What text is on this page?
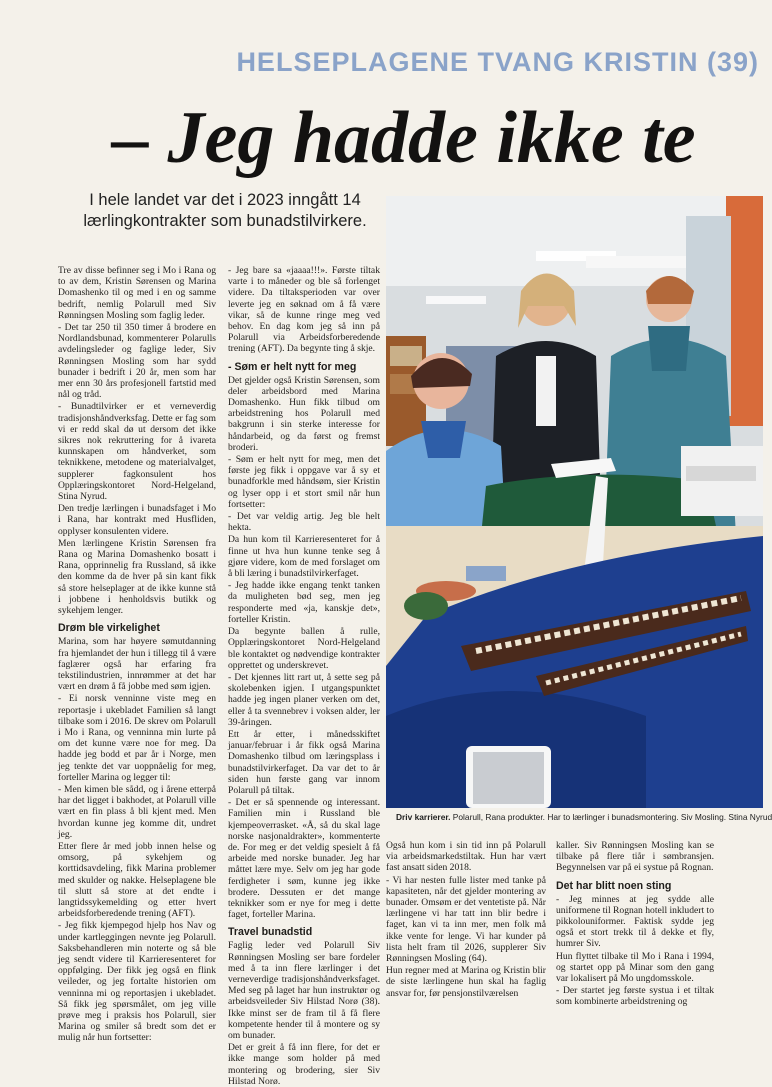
HELSEPLAGENE TVANG KRISTIN (39)
– Jeg hadde ikke te
I hele landet var det i 2023 inngått 14 lærlingkontrakter som bunadstilvirkere.

Tre av disse befinner seg i Mo i Rana og to av dem, Kristin Sørensen og Marina Domashenko til og med i en og samme bedrift, nemlig Polarull med Siv Rønningsen Mosling som faglig leder.

- Det tar 250 til 350 timer å brodere en Nordlandsbunad, kommenterer Polarulls avdelingsleder og faglige leder, Siv Rønningsen Mosling som har sydd bunader i bedrift i 20 år, men som har mer enn 30 års profesjonell fartstid med nål og tråd.

- Bunadtilvirker er et verneverdig tradisjonshåndverksfag. Dette er fag som vi er redd skal dø ut dersom det ikke sikres nok rekruttering for å ivareta kunnskapen om håndverket, som teknikkene, metodene og materialvalget, supplerer fagkonsulent hos Opplæringskontoret Nord-Helgeland, Stina Nyrud.

Den tredje lærlingen i bunadsfaget i Mo i Rana, har kontrakt med Husfliden, opplyser konsulenten videre.

Men lærlingene Kristin Sørensen fra Rana og Marina Domashenko bosatt i Rana, opprinnelig fra Russland, så ikke den komme da de hver på sin kant fikk så store helseplager at de ikke kunne stå i jobbene i henholdsvis butikk og sykehjem lenger.

Drøm ble virkelighet

Marina, som har høyere sømutdanning fra hjemlandet der hun i tillegg til å være faglærer også har erfaring fra tekstilindustrien, innrømmer at det har vært en drøm å få jobbe med søm igjen.

- Ei norsk venninne viste meg en reportasje i ukebladet Familien så langt tilbake som i 2016. De skrev om Polarull i Mo i Rana, og venninna min lurte på om det kunne være noe for meg. Da hadde jeg bodd et par år i Norge, men jeg tenkte det var uoppnåelig for meg, forteller Marina og legger til:

- Men kimen ble sådd, og i årene etterpå har det ligget i bakhodet, at Polarull ville vært en fin plass å bli kjent med. Men hvordan kunne jeg komme dit, undret jeg.

Etter flere år med jobb innen helse og omsorg, på sykehjem og korttidsavdeling, fikk Marina problemer med skulder og nakke. Helseplagene ble til slutt så store at det endte i langtidssykemelding og etter hvert arbeidsforberedende trening (AFT).

- Jeg fikk kjempegod hjelp hos Nav og under kartleggingen nevnte jeg Polarull. Saksbehandleren min noterte og så ble jeg sendt videre til Karrieresenteret for oppfølging. Der fikk jeg også en flink veileder, og jeg fortalte historien om venninna mi og reportasjen i ukebladet. Så fikk jeg spørsmålet, om jeg ville prøve meg i praksis hos Polarull, sier Marina og smiler så bredt som det er mulig når hun fortsetter:

- Jeg bare sa «jaaaa!!!». Første tiltak varte i to måneder og ble så forlenget videre. Da tiltaksperioden var over leverte jeg en søknad om å få være vikar, så de kunne ringe meg ved behov. En dag kom jeg så inn på Polarull via Arbeidsforberedende trening (AFT). Da begynte ting å skje.

- Søm er helt nytt for meg

Det gjelder også Kristin Sørensen, som deler arbeidsbord med Marina Domashenko. Hun fikk tilbud om arbeidstrening hos Polarull med bakgrunn i sin sterke interesse for håndarbeid, og da først og fremst broderi.

- Søm er helt nytt for meg, men det første jeg fikk i oppgave var å sy et bunadforkle med håndsøm, sier Kristin og lyser opp i et stort smil når hun fortsetter:

- Det var veldig artig. Jeg ble helt hekta.

Da hun kom til Karrieresenteret for å finne ut hva hun kunne tenke seg å gjøre videre, kom de med forslaget om å bli læring i bunadstilvirkerfaget.

- Jeg hadde ikke engang tenkt tanken da muligheten bød seg, men jeg responderte med «ja, kanskje det», forteller Kristin.

Da begynte ballen å rulle, Opplæringskontoret Nord-Helgeland ble kontaktet og nødvendige kontrakter opprettet og underskrevet.

- Det kjennes litt rart ut, å sette seg på skolebenken igjen. I utgangspunktet hadde jeg ingen planer verken om det, eller å ta svennebrev i voksen alder, ler 39-åringen.

Ett år etter, i månedsskiftet januar/februar i år fikk også Marina Domashenko tilbud om læringsplass i bunadstilvirkerfaget. Da var det to år siden hun første gang var innom Polarull på tiltak.

- Det er så spennende og interessant. Familien min i Russland ble kjempeoverrasket. «Å, så du skal lage norske nasjonaldrakter», kommenterte de. For meg er det veldig spesielt å få arbeide med norske bunader. Jeg har måttet lære mye. Selv om jeg har gode ferdigheter i søm, kunne jeg ikke brodere. Dessuten er det mange teknikker som er nye for meg i dette faget, forteller Marina.

Travel bunadstid

Faglig leder ved Polarull Siv Rønningsen Mosling ser bare fordeler med å ta inn flere lærlinger i det verneverdige tradisjonshåndverksfaget. Med seg på laget har hun instruktør og arbeidsveileder Siv Hilstad Norø (38). Ikke minst ser de fram til å få flere kompetente hender til å montere og sy om bunader.

Det er greit å få inn flere, for det er ikke mange som holder på med montering og brodering, sier Siv Hilstad Norø.

Driv karrierer. Polarull, Rana produkter. Har to lærlinger i bunadsmontering. Siv Mosling. Stina Nyrud

Også hun kom i sin tid inn på Polarull via arbeidsmarkedstiltak. Hun har vært fast ansatt siden 2018.

- Vi har nesten fulle lister med tanke på kapasiteten, når det gjelder montering av bunader. Omsøm er det ventetiste på. Når lærlingene vi har tatt inn blir bedre i faget, kan vi ta inn mer, men folk må ikke vente for lenge. Vi har kunder på lista helt fram til 2026, supplerer Siv Rønningsen Mosling (64).

Hun regner med at Marina og Kristin blir de siste lærlingene hun skal ha faglig ansvar for, før pensjonstilværelsen

kaller. Siv Rønningsen Mosling kan se tilbake på flere tiår i sømbransjen. Begynnelsen var på ei systue på Rognan.

Det har blitt noen sting

- Jeg minnes at jeg sydde alle uniformene til Rognan hotell inkludert to pikkolouniformer. Faktisk sydde jeg også et stort trekk til å dekke et fly, humrer Siv.

Hun flyttet tilbake til Mo i Rana i 1994, og startet opp på Minar som den gang var lokalisert på Mo ungdomsskole.

- Der startet jeg første systua i et tiltak som kombinerte arbeidstrening og
